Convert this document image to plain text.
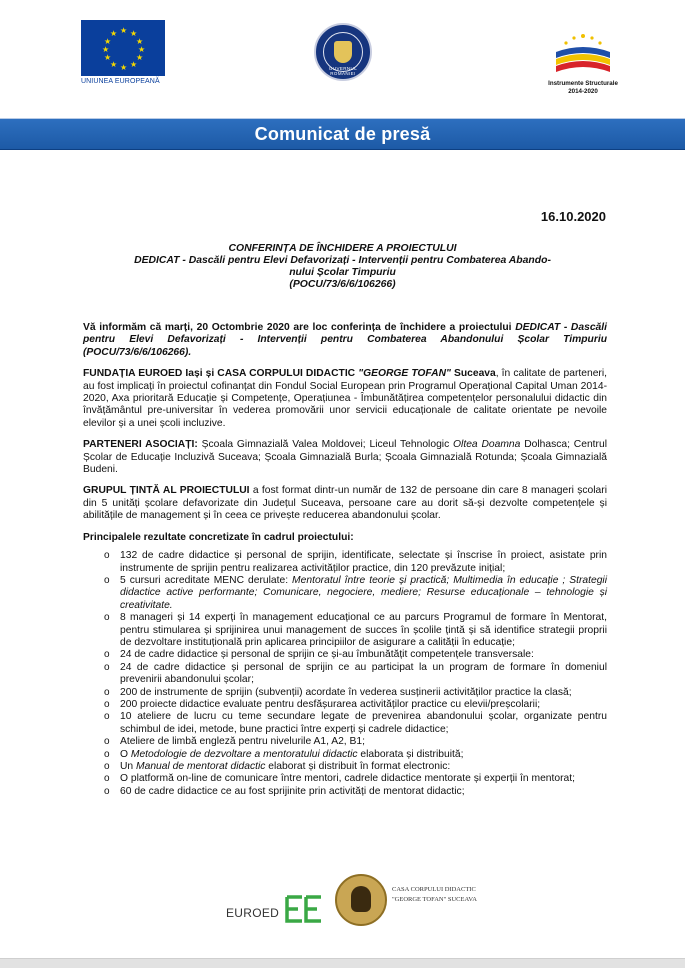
★ ★
★
★
★
★
★
★
★
★
★
★
UNIUNEA EUROPEANĂ
GUVERNUL ROMÂNIEI
Instrumente Structurale
2014-2020
Comunicat de presă
16.10.2020
CONFERINȚA DE ÎNCHIDERE A PROIECTULUI
DEDICAT - Dascăli pentru Elevi Defavorizați - Intervenții pentru Combaterea Abando-
nului Școlar Timpuriu
(POCU/73/6/6/106266)

Vă informăm că marți, 20 Octombrie 2020 are loc conferința de închidere a proiectului DEDICAT - Dascăli pentru Elevi Defavorizați - Intervenții pentru Combaterea Abandonului Școlar Timpuriu (POCU/73/6/6/106266).

FUNDAȚIA EUROED Iași și CASA CORPULUI DIDACTIC "GEORGE TOFAN" Suceava, în calitate de parteneri, au fost implicați în proiectul cofinanțat din Fondul Social European prin Programul Operațional Capital Uman 2014-2020, Axa prioritară Educație și Competențe, Operațiunea - Îmbunătățirea competențelor personalului didactic din învățământul pre-universitar în vederea promovării unor servicii educaționale de calitate orientate pe nevoile elevilor și a unei școli incluzive.

PARTENERI ASOCIAȚI: Școala Gimnazială Valea Moldovei; Liceul Tehnologic Oltea Doamna Dolhasca; Centrul Școlar de Educație Incluzivă Suceava; Școala Gimnazială Burla; Școala Gimnazială Rotunda; Școala Gimnazială Budeni.

GRUPUL ȚINTĂ AL PROIECTULUI a fost format dintr-un număr de 132 de persoane din care 8 manageri școlari din 5 unități școlare defavorizate din Județul Suceava, persoane care au dorit să-și dezvolte competențele și abilitățile de management și în ceea ce privește reducerea abandonului școlar.

Principalele rezultate concretizate în cadrul proiectului:
o 132 de cadre didactice și personal de sprijin, identificate, selectate și înscrise în proiect, asistate prin instrumente de sprijin pentru realizarea activităților practice, din 120 prevăzute inițial;
o 5 cursuri acreditate MENC derulate: Mentoratul între teorie și practică; Multimedia în educație ; Strategii didactice active performante; Comunicare, negociere, mediere; Resurse educaționale – tehnologie și creativitate.
o 8 manageri și 14 experți în management educațional ce au parcurs Programul de formare în Mentorat, pentru stimularea și sprijinirea unui management de succes în școlile țintă și să identifice strategii proprii de dezvoltare instituțională prin aplicarea principiilor de asigurare a calității în educație;
o 24 de cadre didactice și personal de sprijin ce și-au îmbunătățit competențele transversale:
o 24 de cadre didactice și personal de sprijin ce au participat la un program de formare în domeniul prevenirii abandonului școlar;
o 200 de instrumente de sprijin (subvenții) acordate în vederea susținerii activităților practice la clasă;
o 200 proiecte didactice evaluate pentru desfășurarea activităților practice cu elevii/preșcolarii;
o 10 ateliere de lucru cu teme secundare legate de prevenirea abandonului școlar, organizate pentru schimbul de idei, metode, bune practici între experți și cadrele didactice;
o Ateliere de limbă engleză pentru nivelurile A1, A2, B1;
o O Metodologie de dezvoltare a mentoratului didactic elaborata și distribuită;
o Un Manual de mentorat didactic elaborat și distribuit în format electronic:
o O platformă on-line de comunicare între mentori, cadrele didactice mentorate și experții în mentorat;
o 60 de cadre didactice ce au fost sprijinite prin activități de mentorat didactic;
EUROED
CASA CORPULUI DIDACTIC
"GEORGE TOFAN" SUCEAVA
